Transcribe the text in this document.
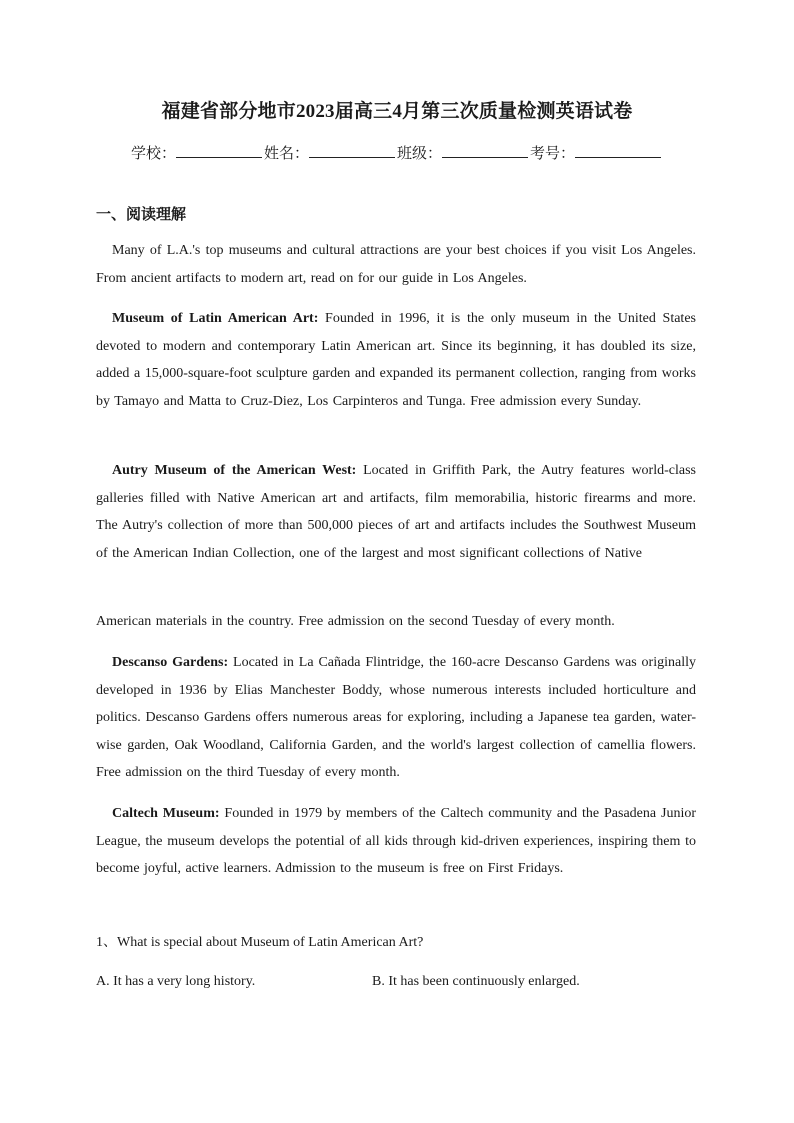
福建省部分地市2023届高三4月第三次质量检测英语试卷
学校：	姓名：	班级：	考号：
一、阅读理解

Many of L.A.'s top museums and cultural attractions are your best choices if you visit Los Angeles. From ancient artifacts to modern art, read on for our guide in Los Angeles.

Museum of Latin American Art: Founded in 1996, it is the only museum in the United States devoted to modern and contemporary Latin American art. Since its beginning, it has doubled its size, added a 15,000-square-foot sculpture garden and expanded its permanent collection, ranging from works by Tamayo and Matta to Cruz-Diez, Los Carpinteros and Tunga. Free admission every Sunday.

Autry Museum of the American West: Located in Griffith Park, the Autry features world-class galleries filled with Native American art and artifacts, film memorabilia, historic firearms and more. The Autry's collection of more than 500,000 pieces of art and artifacts includes the Southwest Museum of the American Indian Collection, one of the largest and most significant collections of Native

American materials in the country. Free admission on the second Tuesday of every month.

Descanso Gardens: Located in La Cañada Flintridge, the 160-acre Descanso Gardens was originally developed in 1936 by Elias Manchester Boddy, whose numerous interests included horticulture and politics. Descanso Gardens offers numerous areas for exploring, including a Japanese tea garden, water-wise garden, Oak Woodland, California Garden, and the world's largest collection of camellia flowers. Free admission on the third Tuesday of every month.

Caltech Museum: Founded in 1979 by members of the Caltech community and the Pasadena Junior League, the museum develops the potential of all kids through kid-driven experiences, inspiring them to become joyful, active learners. Admission to the museum is free on First Fridays.

1、What is special about Museum of Latin American Art?
A. It has a very long history.	B. It has been continuously enlarged.
